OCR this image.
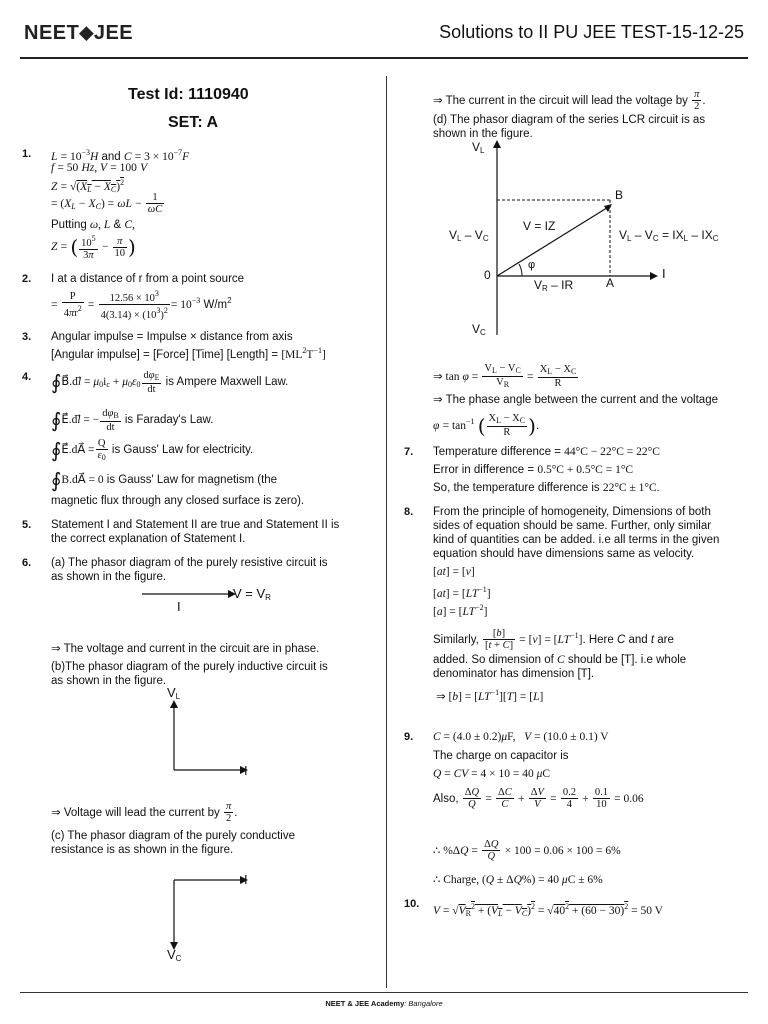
NEET⬥JEE	Solutions to II PU JEE TEST-15-12-25
Test Id: 1110940
SET: A
1. $L = 10^{-3}H$ and $C = 3 \times 10^{-7}F$
f = 50 Hz, V = 100 V
$Z = √(X_L - X_C)^2$
= $(X_L - X_C) = \omega L - \frac{1}{\omega C}$
Putting ω, L & C,
Z = ( $\frac{10^5}{3\pi} - \frac{\pi}{10}$ )
2. I at a distance of r from a point source
= $\frac{P}{4\pi r^2} = \frac{12.56 \times 10^3}{4(3.14) \times (10^3)^2} = 10^{-3}$ $W/m^2$
3. Angular impulse = Impulse × distance from axis
[Angular impulse] = [Force] [Time] [Length] = $[ML^2T^{-1}]$
4. ∮B⃗.dl⃗ = $\mu_0i_c + \mu_0\varepsilon_0 \frac{d\varphi_E}{dt}$ is Ampere Maxwell Law.
∮E⃗.dl⃗ = − $\frac{d\varphi_B}{dt}$ is Faraday's Law.
∮E⃗.dA⃗ = $\frac{Q}{\varepsilon_0}$ is Gauss' Law for electricity.
∮B.dA⃗ = 0 is Gauss' Law for magnetism (the
magnetic flux through any closed surface is zero).
5. Statement I and Statement II are true and Statement II is
the correct explanation of Statement I.
6. (a) The phasor diagram of the purely resistive circuit is
as shown in the figure.
$V = V_R$
I
⇒ The voltage and current in the circuit are in phase.
(b)The phasor diagram of the purely inductive circuit is
as shown in the figure.
$V_L$
I
⇒ Voltage will lead the current by $\frac{\pi}{2}$ .
(c) The phasor diagram of the purely conductive
resistance is as shown in the figure.
I
$V_C$
⇒ The current in the circuit will lead the voltage by $\frac{\pi}{2}$ .
(d) The phasor diagram of the series LCR circuit is as
shown in the figure.
$V_L$
$V_C$
B
A
0	I
φ
V = IZ
$V_R$ – IR
$V_L - V_C$	$V_L - V_C = IX_L - IX_C$
⇒ $\tan \varphi = \frac{V_L - V_C}{V_R} = \frac{X_L - X_C}{R}$
⇒ The phase angle between the current and the voltage
$\varphi = \tan^{-1}$ ( $\frac{X_L - X_C}{R}$ ).
7. Temperature difference = 44°C − 22°C = 22°C
Error in difference = 0.5°C + 0.5°C = 1°C
So, the temperature difference is 22°C ± 1°C.
8. From the principle of homogeneity, Dimensions of both
sides of equation should be same. Further, only similar
kind of quantities can be added. i.e all terms in the given
equation should have dimensions same as velocity.
[at] = [v]
$[at] = [LT^{-1}]$
$[a] = [LT^{-2}]$
Similarly, $\frac{[b]}{[t + C]} = [v] = [LT^{-1}]$. Here C and t are
added. So dimension of C should be [T]. i.e whole
denominator has dimension [T].
⇒ $[b] = [LT^{-1}][T] = [L]$
9. C = (4.0 ± 0.2)μF,   V = (10.0 ± 0.1) V
The charge on capacitor is
Q = CV = 4 × 10 = 40 μC
Also, $\frac{\Delta Q}{Q} = \frac{\Delta C}{C} + \frac{\Delta V}{V} = \frac{0.2}{4} + \frac{0.1}{10} = 0.06$
∴ $\%\Delta Q = \frac{\Delta Q}{Q} \times 100 = 0.06 \times 100 = 6\%$
∴ Charge, (Q ± ΔQ%) = 40 μC ± 6%
10.
$V = √V_R^2 + (V_L - V_C)^2 = √40^2 + (60 - 30)^2 = 50$ V
NEET & JEE Academy: Bangalore
